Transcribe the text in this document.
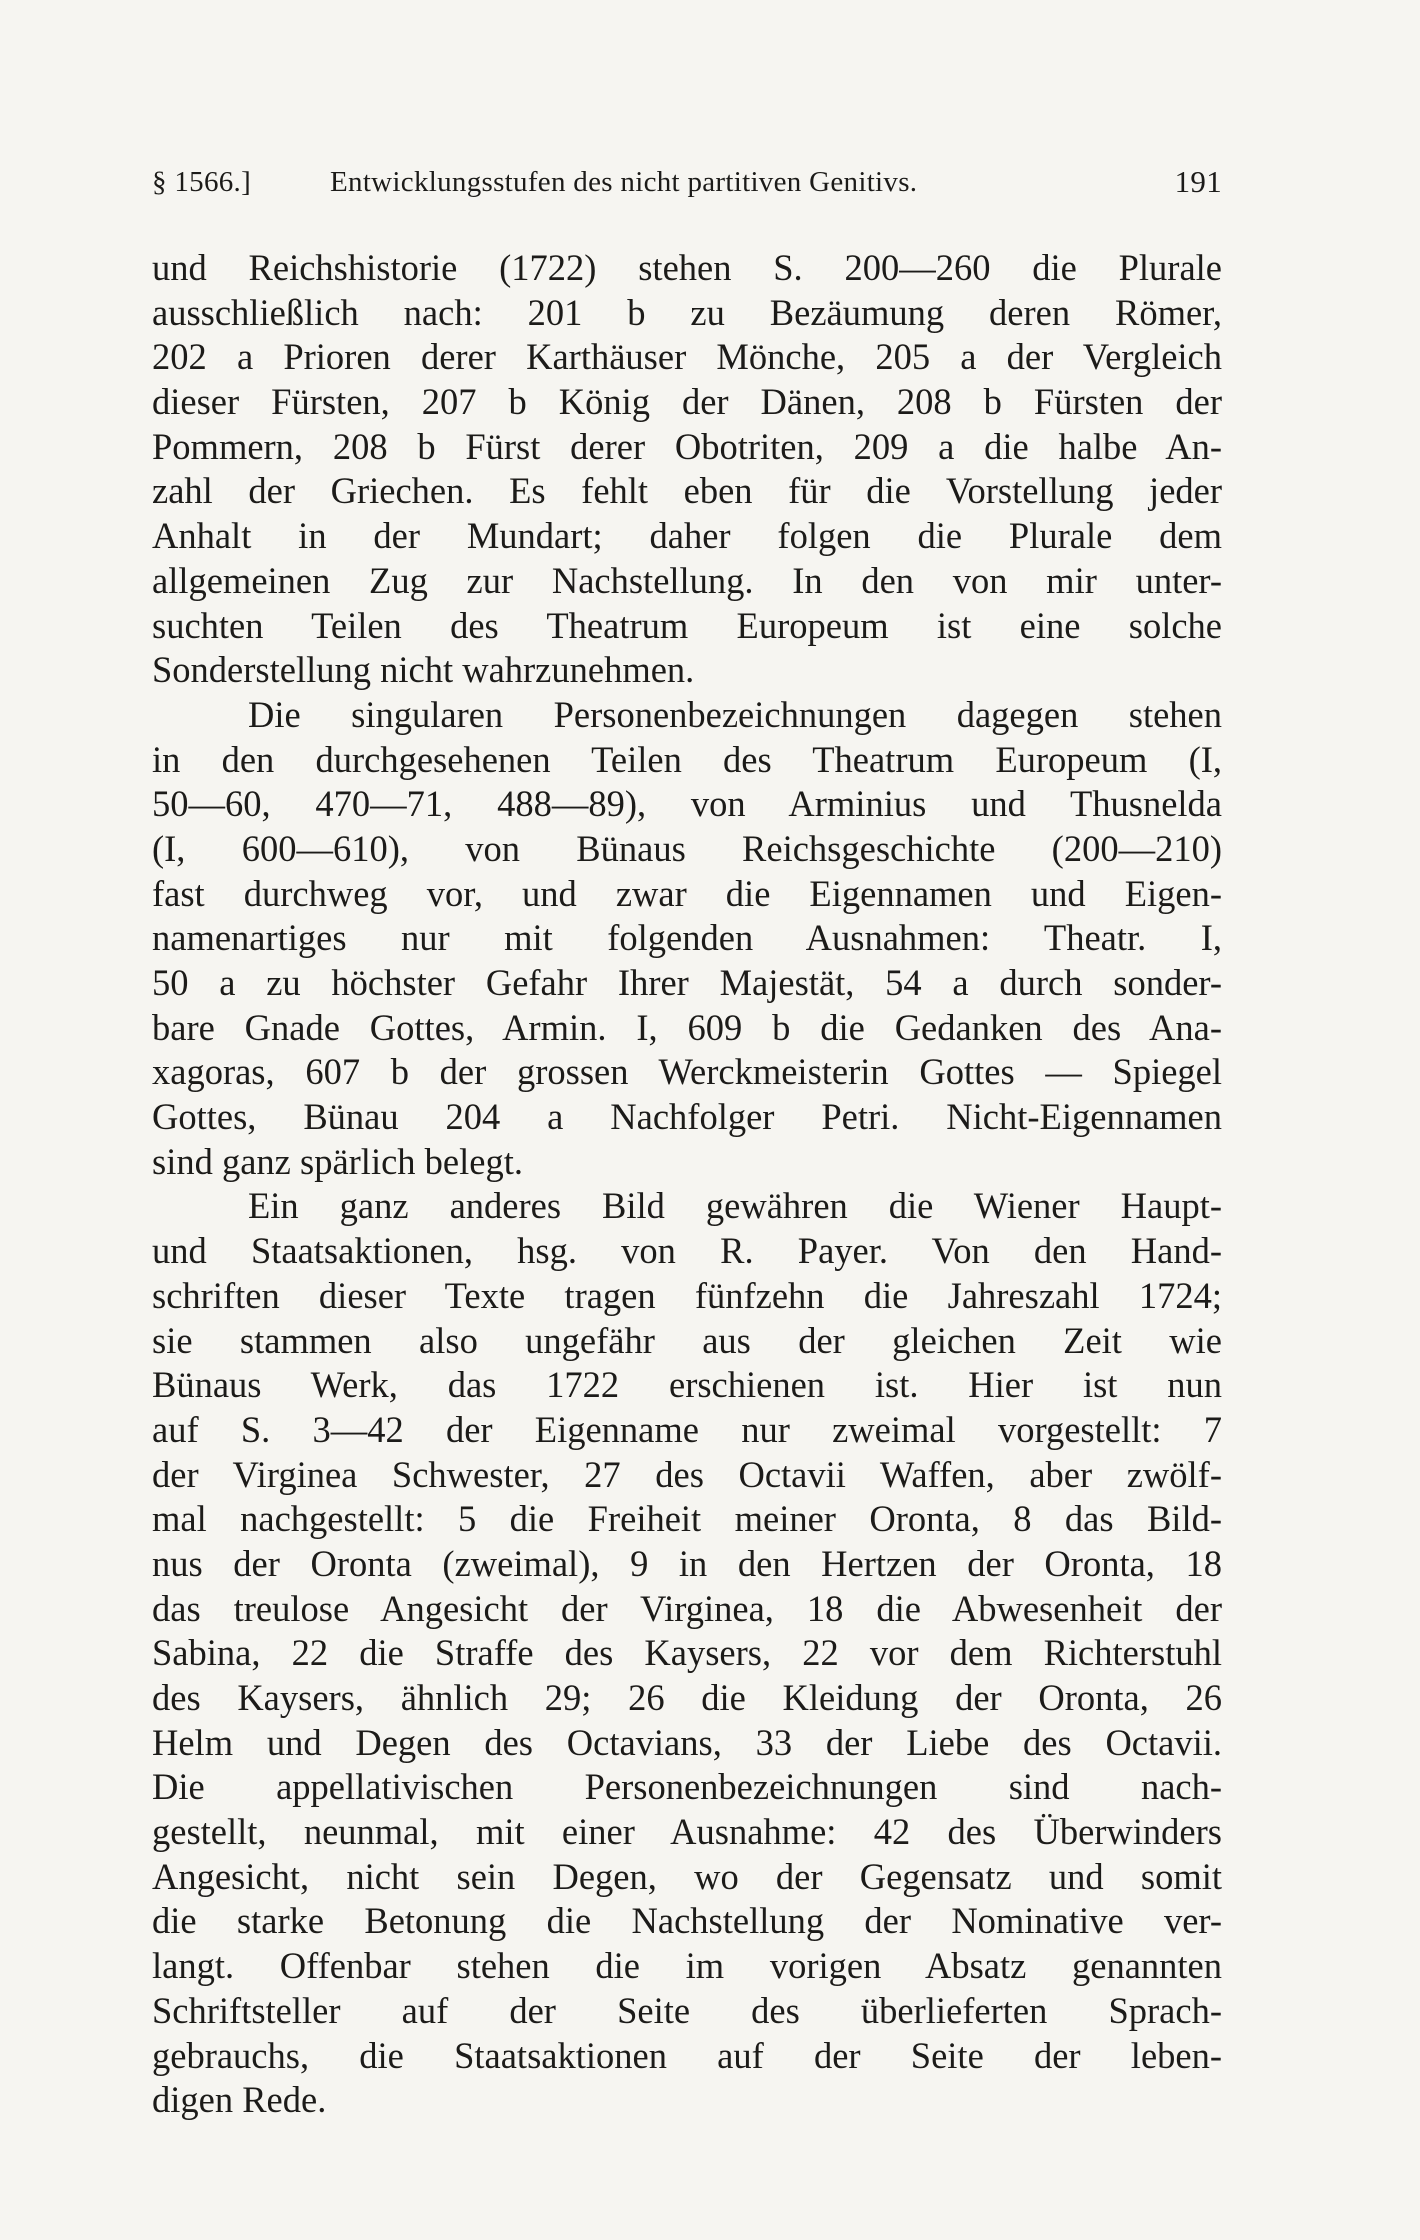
§ 1566.]	Entwicklungsstufen des nicht partitiven Genitivs.	191
und Reichshistorie (1722) stehen S. 200—260 die Plurale
ausschließlich nach: 201 b zu Bezäumung deren Römer,
202 a Prioren derer Karthäuser Mönche, 205 a der Vergleich
dieser Fürsten, 207 b König der Dänen, 208 b Fürsten der
Pommern, 208 b Fürst derer Obotriten, 209 a die halbe An-
zahl der Griechen. Es fehlt eben für die Vorstellung jeder
Anhalt in der Mundart; daher folgen die Plurale dem
allgemeinen Zug zur Nachstellung. In den von mir unter-
suchten Teilen des Theatrum Europeum ist eine solche
Sonderstellung nicht wahrzunehmen.
Die singularen Personenbezeichnungen dagegen stehen
in den durchgesehenen Teilen des Theatrum Europeum (I,
50—60, 470—71, 488—89), von Arminius und Thusnelda
(I, 600—610), von Bünaus Reichsgeschichte (200—210)
fast durchweg vor, und zwar die Eigennamen und Eigen-
namenartiges nur mit folgenden Ausnahmen: Theatr. I,
50 a zu höchster Gefahr Ihrer Majestät, 54 a durch sonder-
bare Gnade Gottes, Armin. I, 609 b die Gedanken des Ana-
xagoras, 607 b der grossen Werckmeisterin Gottes — Spiegel
Gottes, Bünau 204 a Nachfolger Petri. Nicht-Eigennamen
sind ganz spärlich belegt.
Ein ganz anderes Bild gewähren die Wiener Haupt-
und Staatsaktionen, hsg. von R. Payer. Von den Hand-
schriften dieser Texte tragen fünfzehn die Jahreszahl 1724;
sie stammen also ungefähr aus der gleichen Zeit wie
Bünaus Werk, das 1722 erschienen ist. Hier ist nun
auf S. 3—42 der Eigenname nur zweimal vorgestellt: 7
der Virginea Schwester, 27 des Octavii Waffen, aber zwölf-
mal nachgestellt: 5 die Freiheit meiner Oronta, 8 das Bild-
nus der Oronta (zweimal), 9 in den Hertzen der Oronta, 18
das treulose Angesicht der Virginea, 18 die Abwesenheit der
Sabina, 22 die Straffe des Kaysers, 22 vor dem Richterstuhl
des Kaysers, ähnlich 29; 26 die Kleidung der Oronta, 26
Helm und Degen des Octavians, 33 der Liebe des Octavii.
Die appellativischen Personenbezeichnungen sind nach-
gestellt, neunmal, mit einer Ausnahme: 42 des Überwinders
Angesicht, nicht sein Degen, wo der Gegensatz und somit
die starke Betonung die Nachstellung der Nominative ver-
langt. Offenbar stehen die im vorigen Absatz genannten
Schriftsteller auf der Seite des überlieferten Sprach-
gebrauchs, die Staatsaktionen auf der Seite der leben-
digen Rede.
